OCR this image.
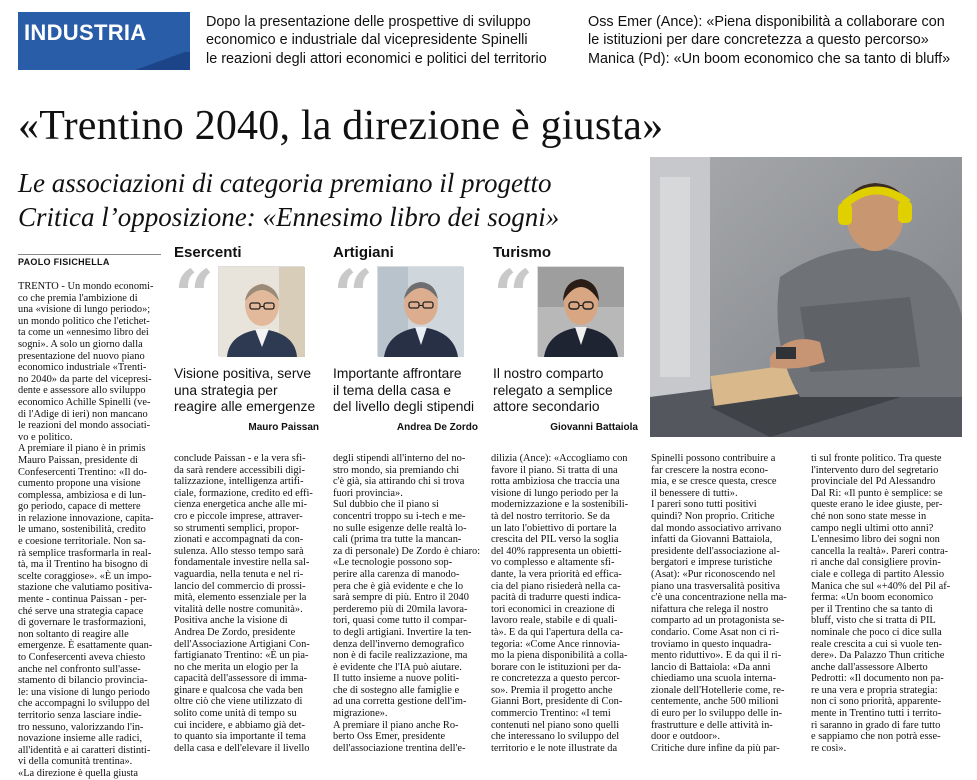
INDUSTRIA	Dopo la presentazione delle prospettive di sviluppo
economico e industriale dal vicepresidente Spinelli
le reazioni degli attori economici e politici del territorio
Oss Emer (Ance): «Piena disponibilità a collaborare con
le istituzioni per dare concretezza a questo percorso»
Manica (Pd): «Un boom economico che sa tanto di bluff»
«Trentino 2040, la direzione è giusta»
Le associazioni di categoria premiano il progetto
Critica l’opposizione: «Ennesimo libro dei sogni»
PAOLO FISICHELLA
TRENTO - Un mondo economi-
co che premia l'ambizione di
una «visione di lungo periodo»;
un mondo politico che l'etichet-
ta come un «ennesimo libro dei
sogni». A solo un giorno dalla
presentazione del nuovo piano
economico industriale «Trenti-
no 2040» da parte del vicepresi-
dente e assessore allo sviluppo
economico Achille Spinelli (ve-
di l'Adige di ieri) non mancano
le reazioni del mondo associati-
vo e politico.
A premiare il piano è in primis
Mauro Paissan, presidente di
Confesercenti Trentino: «Il do-
cumento propone una visione
complessa, ambiziosa e di lun-
go periodo, capace di mettere
in relazione innovazione, capita-
le umano, sostenibilità, credito
e coesione territoriale. Non sa-
rà semplice trasformarla in real-
tà, ma il Trentino ha bisogno di
scelte coraggiose». «È un impo-
stazione che valutiamo positiva-
mente - continua Paissan - per-
ché serve una strategia capace
di governare le trasformazioni,
non soltanto di reagire alle
emergenze. È esattamente quan-
to Confesercenti aveva chiesto
anche nel confronto sull'asse-
stamento di bilancio provincia-
le: una visione di lungo periodo
che accompagni lo sviluppo del
territorio senza lasciare indie-
tro nessuno, valorizzando l'in-
novazione insieme alle radici,
all'identità e ai caratteri distinti-
vi della comunità trentina».
«La direzione è quella giusta
conclude Paissan - e la vera sfi-
da sarà rendere accessibili digi-
talizzazione, intelligenza artifi-
ciale, formazione, credito ed effi-
cienza energetica anche alle mi-
cro e piccole imprese, attraver-
so strumenti semplici, propor-
zionati e accompagnati da con-
sulenza. Allo stesso tempo sarà
fondamentale investire nella sal-
vaguardia, nella tenuta e nel ri-
lancio del commercio di prossi-
mità, elemento essenziale per la
vitalità delle nostre comunità».
Positiva anche la visione di
Andrea De Zordo, presidente
dell'Associazione Artigiani Con-
fartigianato Trentino: «È un pia-
no che merita un elogio per la
capacità dell'assessore di imma-
ginare e qualcosa che vada ben
oltre ciò che viene utilizzato di
solito come unità di tempo su
cui incidere, e abbiamo già det-
to quanto sia importante il tema
della casa e dell'elevare il livello
degli stipendi all'interno del no-
stro mondo, sia premiando chi
c'è già, sia attirando chi si trova
fuori provincia».
Sul dubbio che il piano si
concentri troppo su i-tech e me-
no sulle esigenze delle realtà lo-
cali (prima tra tutte la mancan-
za di personale) De Zordo è chiaro:
«Le tecnologie possono sop-
perire alla carenza di manodo-
pera che è già evidente e che lo
sarà sempre di più. Entro il 2040
perderemo più di 20mila lavora-
tori, quasi come tutto il compar-
to degli artigiani. Invertire la ten-
denza dell'inverno demografico
non è di facile realizzazione, ma
è evidente che l'IA può aiutare.
Il tutto insieme a nuove politi-
che di sostegno alle famiglie e
ad una corretta gestione dell'im-
migrazione».
A premiare il piano anche Ro-
berto Oss Emer, presidente
dell'associazione trentina dell'e-
dilizia (Ance): «Accogliamo con
favore il piano. Si tratta di una
rotta ambiziosa che traccia una
visione di lungo periodo per la
modernizzazione e la sostenibili-
tà del nostro territorio. Se da
un lato l'obiettivo di portare la
crescita del PIL verso la soglia
del 40% rappresenta un obietti-
vo complesso e altamente sfi-
dante, la vera priorità ed effica-
cia del piano risiederà nella ca-
pacità di tradurre questi indica-
tori economici in creazione di
lavoro reale, stabile e di quali-
tà». E da qui l'apertura della ca-
tegoria: «Come Ance rinnovia-
mo la piena disponibilità a colla-
borare con le istituzioni per da-
re concretezza a questo percor-
so». Premia il progetto anche
Gianni Bort, presidente di Con-
commercio Trentino: «I temi
contenuti nel piano sono quelli
che interessano lo sviluppo del
territorio e le note illustrate da
Spinelli possono contribuire a
far crescere la nostra econo-
mia, e se cresce questa, cresce
il benessere di tutti».
I pareri sono tutti positivi
quindi? Non proprio. Critiche
dal mondo associativo arrivano
infatti da Giovanni Battaiola,
presidente dell'associazione al-
bergatori e imprese turistiche
(Asat): «Pur riconoscendo nel
piano una trasversalità positiva
c'è una concentrazione nella ma-
nifattura che relega il nostro
comparto ad un protagonista se-
condario. Come Asat non ci ri-
troviamo in questo inquadra-
mento riduttivo». E da qui il ri-
lancio di Battaiola: «Da anni
chiediamo una scuola interna-
zionale dell'Hotellerie come, re-
centemente, anche 500 milioni
di euro per lo sviluppo delle in-
frastrutture e delle attività in-
door e outdoor».
Critiche dure infine da più par-
ti sul fronte politico. Tra queste
l'intervento duro del segretario
provinciale del Pd Alessandro
Dal Ri: «Il punto è semplice: se
queste erano le idee giuste, per-
ché non sono state messe in
campo negli ultimi otto anni?
L'ennesimo libro dei sogni non
cancella la realtà». Pareri contra-
ri anche dal consigliere provin-
ciale e collega di partito Alessio
Manica che sul «+40% del Pil af-
ferma: «Un boom economico
per il Trentino che sa tanto di
bluff, visto che si tratta di PIL
nominale che poco ci dice sulla
reale crescita a cui si vuole ten-
dere». Da Palazzo Thun critiche
anche dall'assessore Alberto
Pedrotti: «Il documento non pa-
re una vera e propria strategia:
non ci sono priorità, apparente-
mente in Trentino tutti i territo-
ri saranno in grado di fare tutto
e sappiamo che non potrà esse-
re così».
Esercenti
“
Visione positiva, serve
una strategia per
reagire alle emergenze
Mauro Paissan
Artigiani
“
Importante affrontare
il tema della casa e
del livello degli stipendi
Andrea De Zordo
Turismo
“
Il nostro comparto
relegato a semplice
attore secondario
Giovanni Battaiola
